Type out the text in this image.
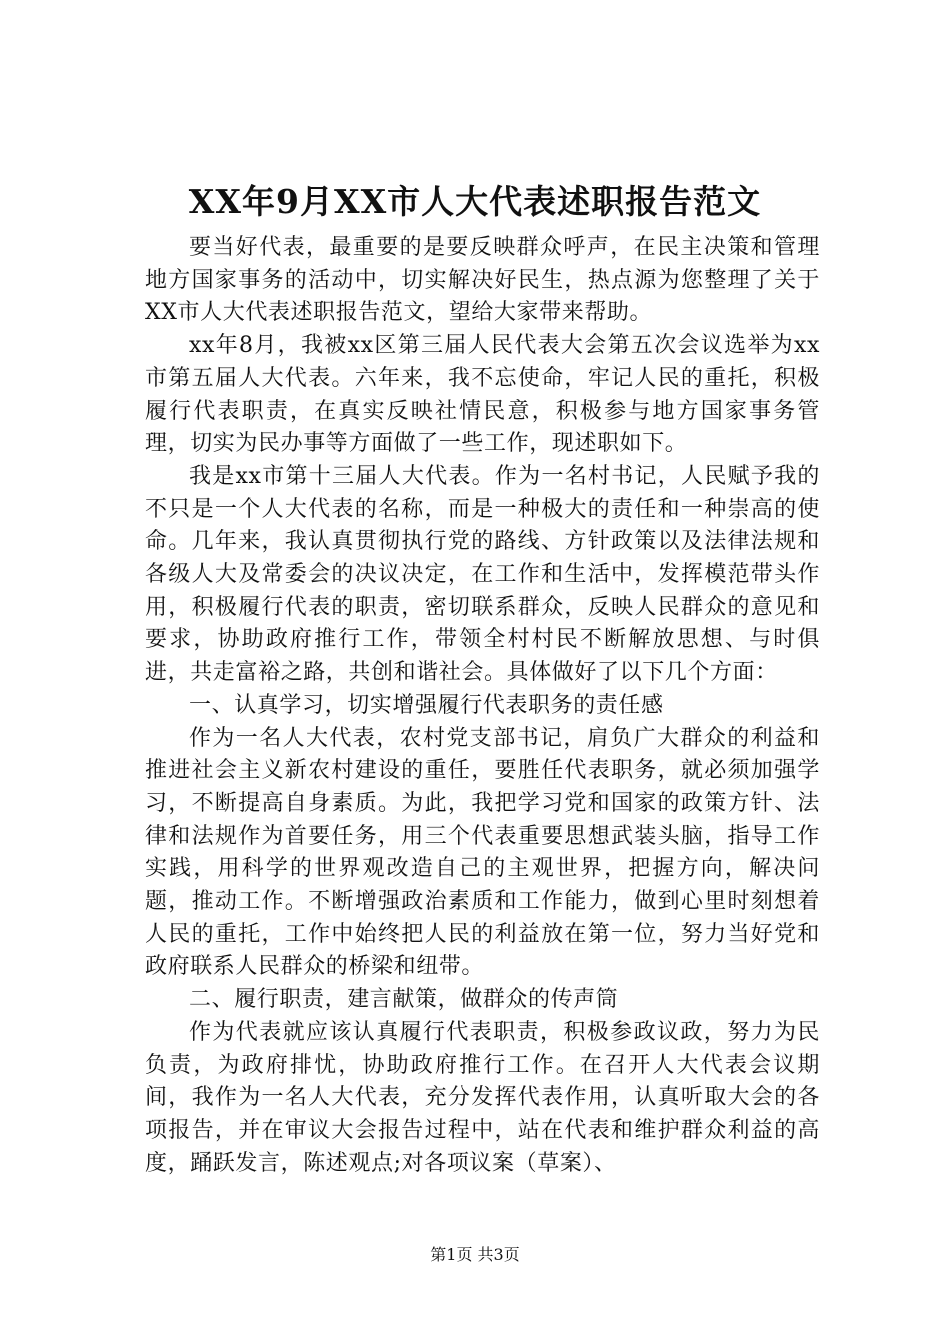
XX年9月XX市人大代表述职报告范文

要当好代表，最重要的是要反映群众呼声，在民主决策和管理地方国家事务的活动中，切实解决好民生，热点源为您整理了关于XX市人大代表述职报告范文，望给大家带来帮助。

xx年8月，我被xx区第三届人民代表大会第五次会议选举为xx市第五届人大代表。六年来，我不忘使命，牢记人民的重托，积极履行代表职责，在真实反映社情民意，积极参与地方国家事务管理，切实为民办事等方面做了一些工作，现述职如下。

我是xx市第十三届人大代表。作为一名村书记，人民赋予我的不只是一个人大代表的名称，而是一种极大的责任和一种崇高的使命。几年来，我认真贯彻执行党的路线、方针政策以及法律法规和各级人大及常委会的决议决定，在工作和生活中，发挥模范带头作用，积极履行代表的职责，密切联系群众，反映人民群众的意见和要求，协助政府推行工作，带领全村村民不断解放思想、与时俱进，共走富裕之路，共创和谐社会。具体做好了以下几个方面：

一、认真学习，切实增强履行代表职务的责任感

作为一名人大代表，农村党支部书记，肩负广大群众的利益和推进社会主义新农村建设的重任，要胜任代表职务，就必须加强学习，不断提高自身素质。为此，我把学习党和国家的政策方针、法律和法规作为首要任务，用三个代表重要思想武装头脑，指导工作实践，用科学的世界观改造自己的主观世界，把握方向，解决问题，推动工作。不断增强政治素质和工作能力，做到心里时刻想着人民的重托，工作中始终把人民的利益放在第一位，努力当好党和政府联系人民群众的桥梁和纽带。

二、履行职责，建言献策，做群众的传声筒

作为代表就应该认真履行代表职责，积极参政议政，努力为民负责，为政府排忧，协助政府推行工作。在召开人大代表会议期间，我作为一名人大代表，充分发挥代表作用，认真听取大会的各项报告，并在审议大会报告过程中，站在代表和维护群众利益的高度，踊跃发言，陈述观点;对各项议案（草案）、

第1页 共3页
